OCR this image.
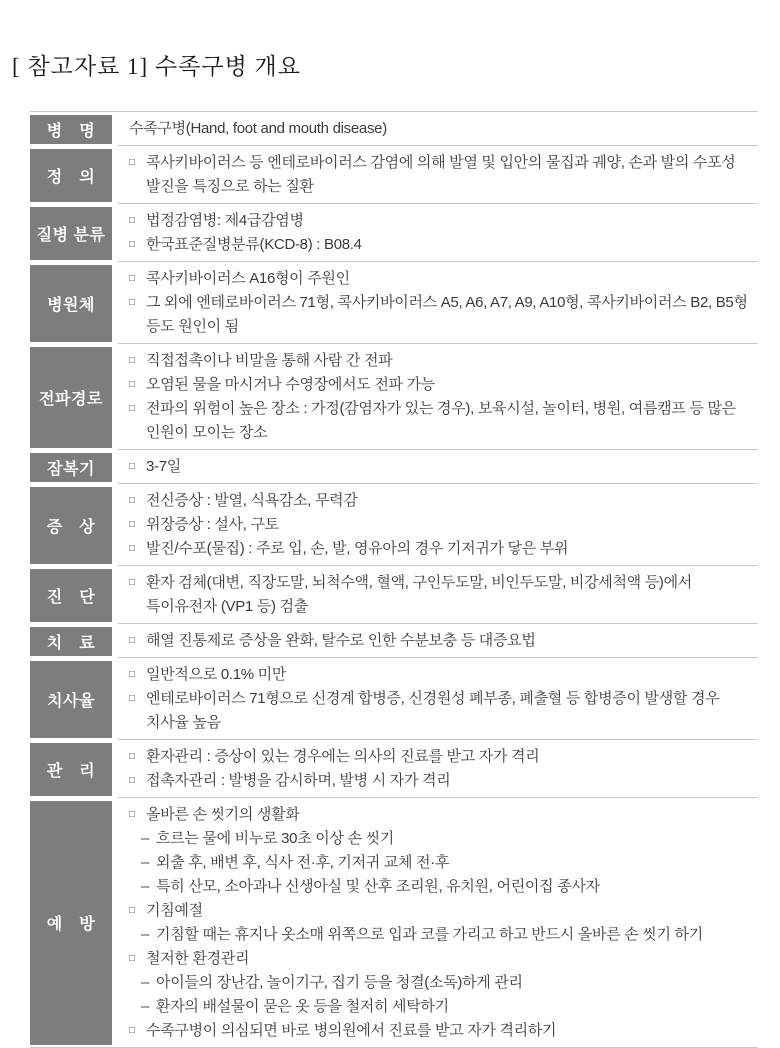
[ 참고자료 1] 수족구병 개요
병　명	수족구병(Hand, foot and mouth disease)
정　의
□ 콕사키바이러스 등 엔테로바이러스 감염에 의해 발열 및 입안의 물집과 궤양, 손과 발의 수포성 발진을 특징으로 하는 질환
질병 분류
□ 법정감염병: 제4급감염병
□ 한국표준질병분류(KCD-8) : B08.4
병원체
□ 콕사키바이러스 A16형이 주원인
□ 그 외에 엔테로바이러스 71형, 콕사키바이러스 A5, A6, A7, A9, A10형, 콕사키바이러스 B2, B5형 등도 원인이 됨
전파경로
□ 직접접촉이나 비말을 통해 사람 간 전파
□ 오염된 물을 마시거나 수영장에서도 전파 가능
□ 전파의 위험이 높은 장소 : 가정(감염자가 있는 경우), 보육시설, 놀이터, 병원, 여름캠프 등 많은 인원이 모이는 장소
잠복기	□ 3-7일
증　상
□ 전신증상 : 발열, 식욕감소, 무력감
□ 위장증상 : 설사, 구토
□ 발진/수포(물집) : 주로 입, 손, 발, 영유아의 경우 기저귀가 닿은 부위
진　단
□ 환자 검체(대변, 직장도말, 뇌척수액, 혈액, 구인두도말, 비인두도말, 비강세척액 등)에서 특이유전자 (VP1 등) 검출
치　료	□ 해열 진통제로 증상을 완화, 탈수로 인한 수분보충 등 대증요법
치사율
□ 일반적으로 0.1% 미만
□ 엔테로바이러스 71형으로 신경계 합병증, 신경원성 폐부종, 폐출혈 등 합병증이 발생할 경우 치사율 높음
관　리
□ 환자관리 : 증상이 있는 경우에는 의사의 진료를 받고 자가 격리
□ 접촉자관리 : 발병을 감시하며, 발병 시 자가 격리
예　방
□ 올바른 손 씻기의 생활화
– 흐르는 물에 비누로 30초 이상 손 씻기
– 외출 후, 배변 후, 식사 전·후, 기저귀 교체 전·후
– 특히 산모, 소아과나 신생아실 및 산후 조리원, 유치원, 어린이집 종사자
□ 기침예절
– 기침할 때는 휴지나 옷소매 위쪽으로 입과 코를 가리고 하고 반드시 올바른 손 씻기 하기
□ 철저한 환경관리
– 아이들의 장난감, 놀이기구, 집기 등을 청결(소독)하게 관리
– 환자의 배설물이 묻은 옷 등을 철저히 세탁하기
□ 수족구병이 의심되면 바로 병의원에서 진료를 받고 자가 격리하기
